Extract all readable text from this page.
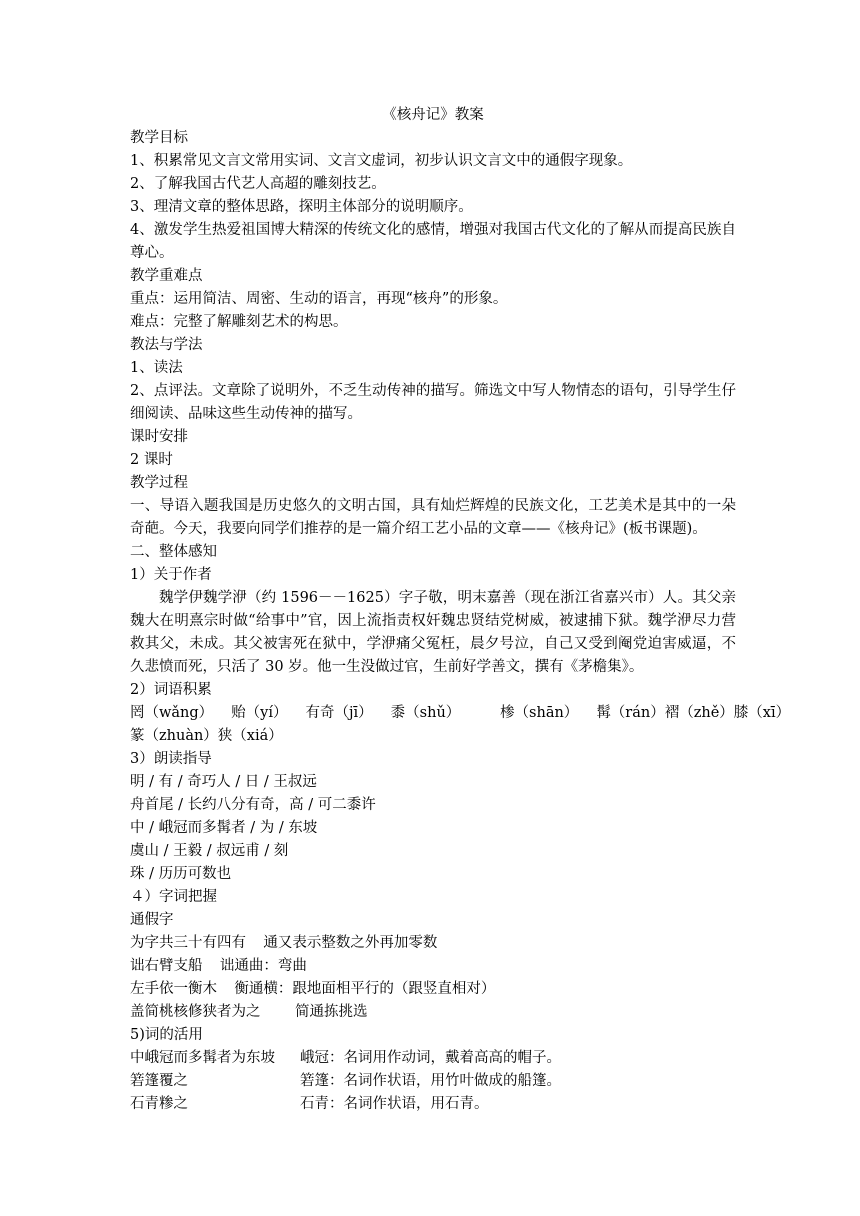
《核舟记》教案

教学目标

1、积累常见文言文常用实词、文言文虚词，初步认识文言文中的通假字现象。

2、了解我国古代艺人高超的雕刻技艺。

3、理清文章的整体思路，探明主体部分的说明顺序。

4、激发学生热爱祖国博大精深的传统文化的感情，增强对我国古代文化的了解从而提高民族自尊心。

教学重难点

重点：运用简洁、周密、生动的语言，再现“核舟”的形象。

难点：完整了解雕刻艺术的构思。

教法与学法

1、读法

2、点评法。文章除了说明外，不乏生动传神的描写。筛选文中写人物情态的语句，引导学生仔细阅读、品味这些生动传神的描写。

课时安排

2 课时

教学过程

一、导语入题我国是历史悠久的文明古国，具有灿烂辉煌的民族文化，工艺美术是其中的一朵奇葩。今天，我要向同学们推荐的是一篇介绍工艺小品的文章——《核舟记》(板书课题)。

二、整体感知

1）关于作者

魏学伊魏学洢（约 1596－－1625）字子敬，明末嘉善（现在浙江省嘉兴市）人。其父亲魏大在明熹宗时做“给事中”官，因上流指责权奸魏忠贤结党树威，被逮捕下狱。魏学洢尽力营救其父，未成。其父被害死在狱中，学洢痛父冤枉，晨夕号泣，自己又受到阉党迫害威逼，不久悲愤而死，只活了 30 岁。他一生没做过官，生前好学善文，撰有《茅檐集》。

2）词语积累

罔（wǎng） 贻（yí） 有奇（jī） 黍（shǔ）　　椮（shān） 髯（rán）褶（zhě）膝（xī）

篆（zhuàn）狭（xiá）

3）朗读指导

明 / 有 / 奇巧人 / 日 / 王叔远

舟首尾 / 长约八分有奇，高 / 可二黍许

中 / 峨冠而多髯者 / 为 / 东坡

虞山 / 王毅 / 叔远甫 / 刻

珠 / 历历可数也

４）字词把握

通假字

为字共三十有四有 通又表示整数之外再加零数

诎右臂支船 诎通曲：弯曲

左手依一衡木 衡通横：跟地面相平行的（跟竖直相对）

盖简桃核修狭者为之	简通拣挑选

5)词的活用

中峨冠而多髯者为东坡	峨冠：名词用作动词，戴着高高的帽子。

箬篷覆之	箬篷：名词作状语，用竹叶做成的船篷。

石青糁之	石青：名词作状语，用石青。
